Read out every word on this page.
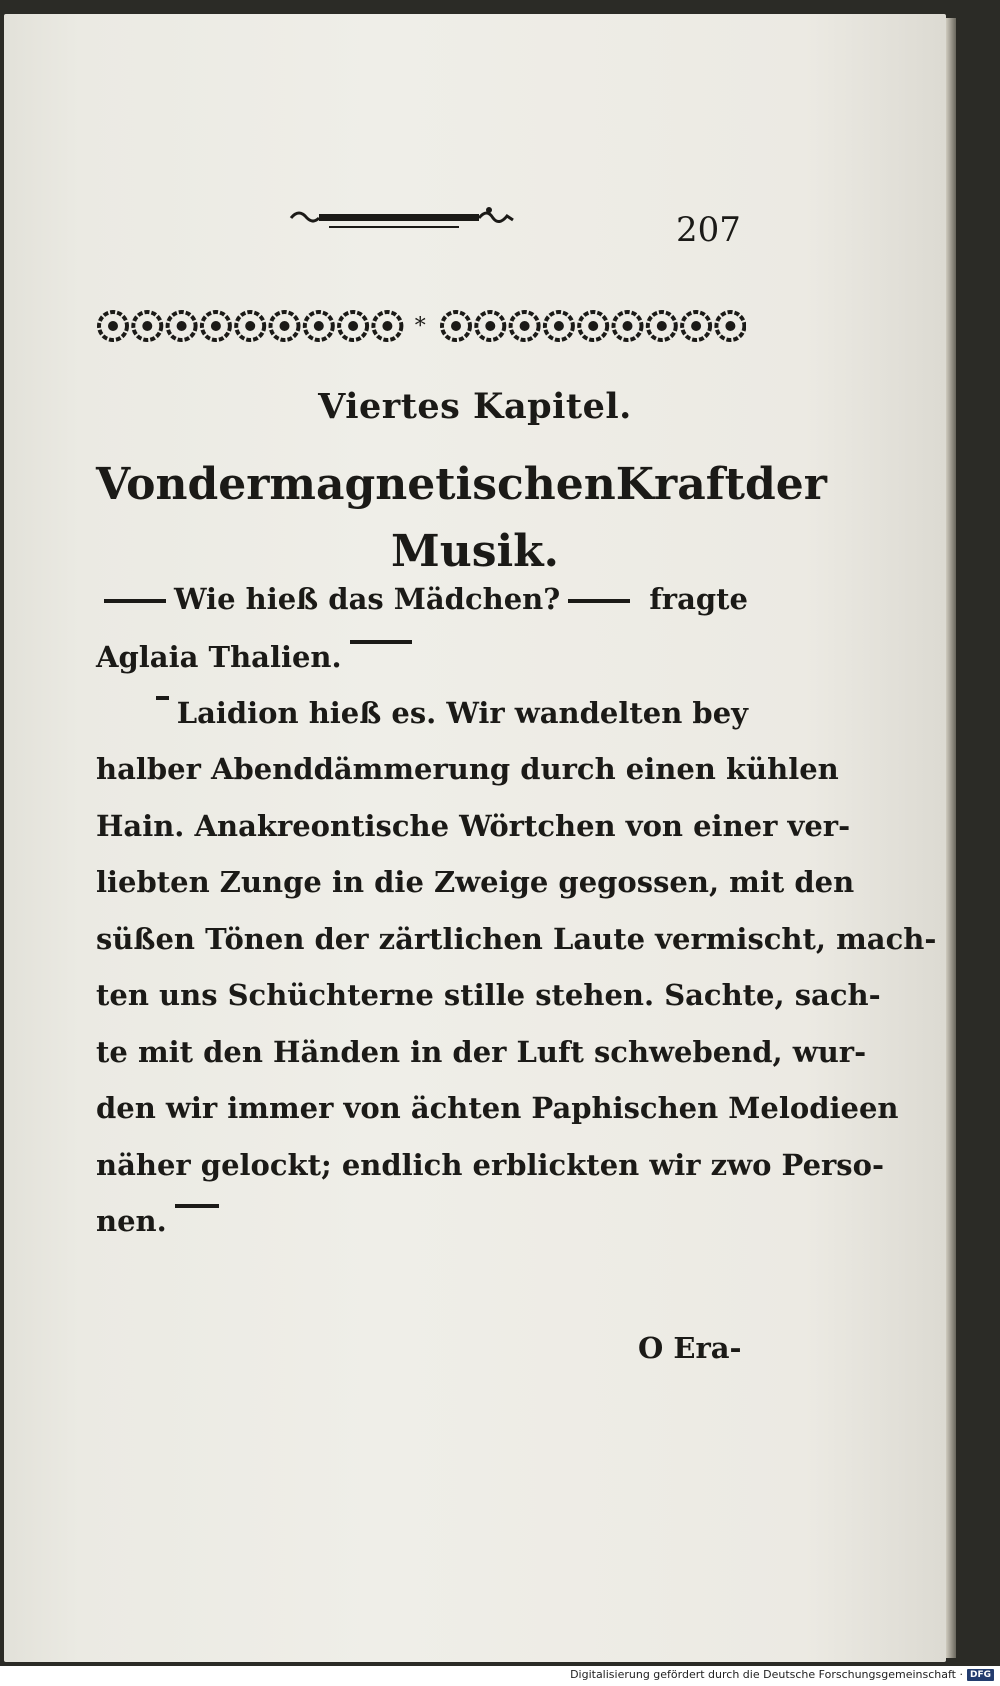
207
*
Viertes Kapitel.
Von der magnetischen Kraft der
Musik.
Wie hieß das Mädchen?	fragte
Aglaia Thalien.
Laidion hieß es. Wir wandelten bey
halber Abenddämmerung durch einen kühlen
Hain. Anakreontische Wörtchen von einer ver-
liebten Zunge in die Zweige gegossen, mit den
süßen Tönen der zärtlichen Laute vermischt, mach-
ten uns Schüchterne stille stehen. Sachte, sach-
te mit den Händen in der Luft schwebend, wur-
den wir immer von ächten Paphischen Melodieen
näher gelockt; endlich erblickten wir zwo Perso-
nen.
O Era-
Digitalisierung gefördert durch die Deutsche Forschungsgemeinschaft · DFG
